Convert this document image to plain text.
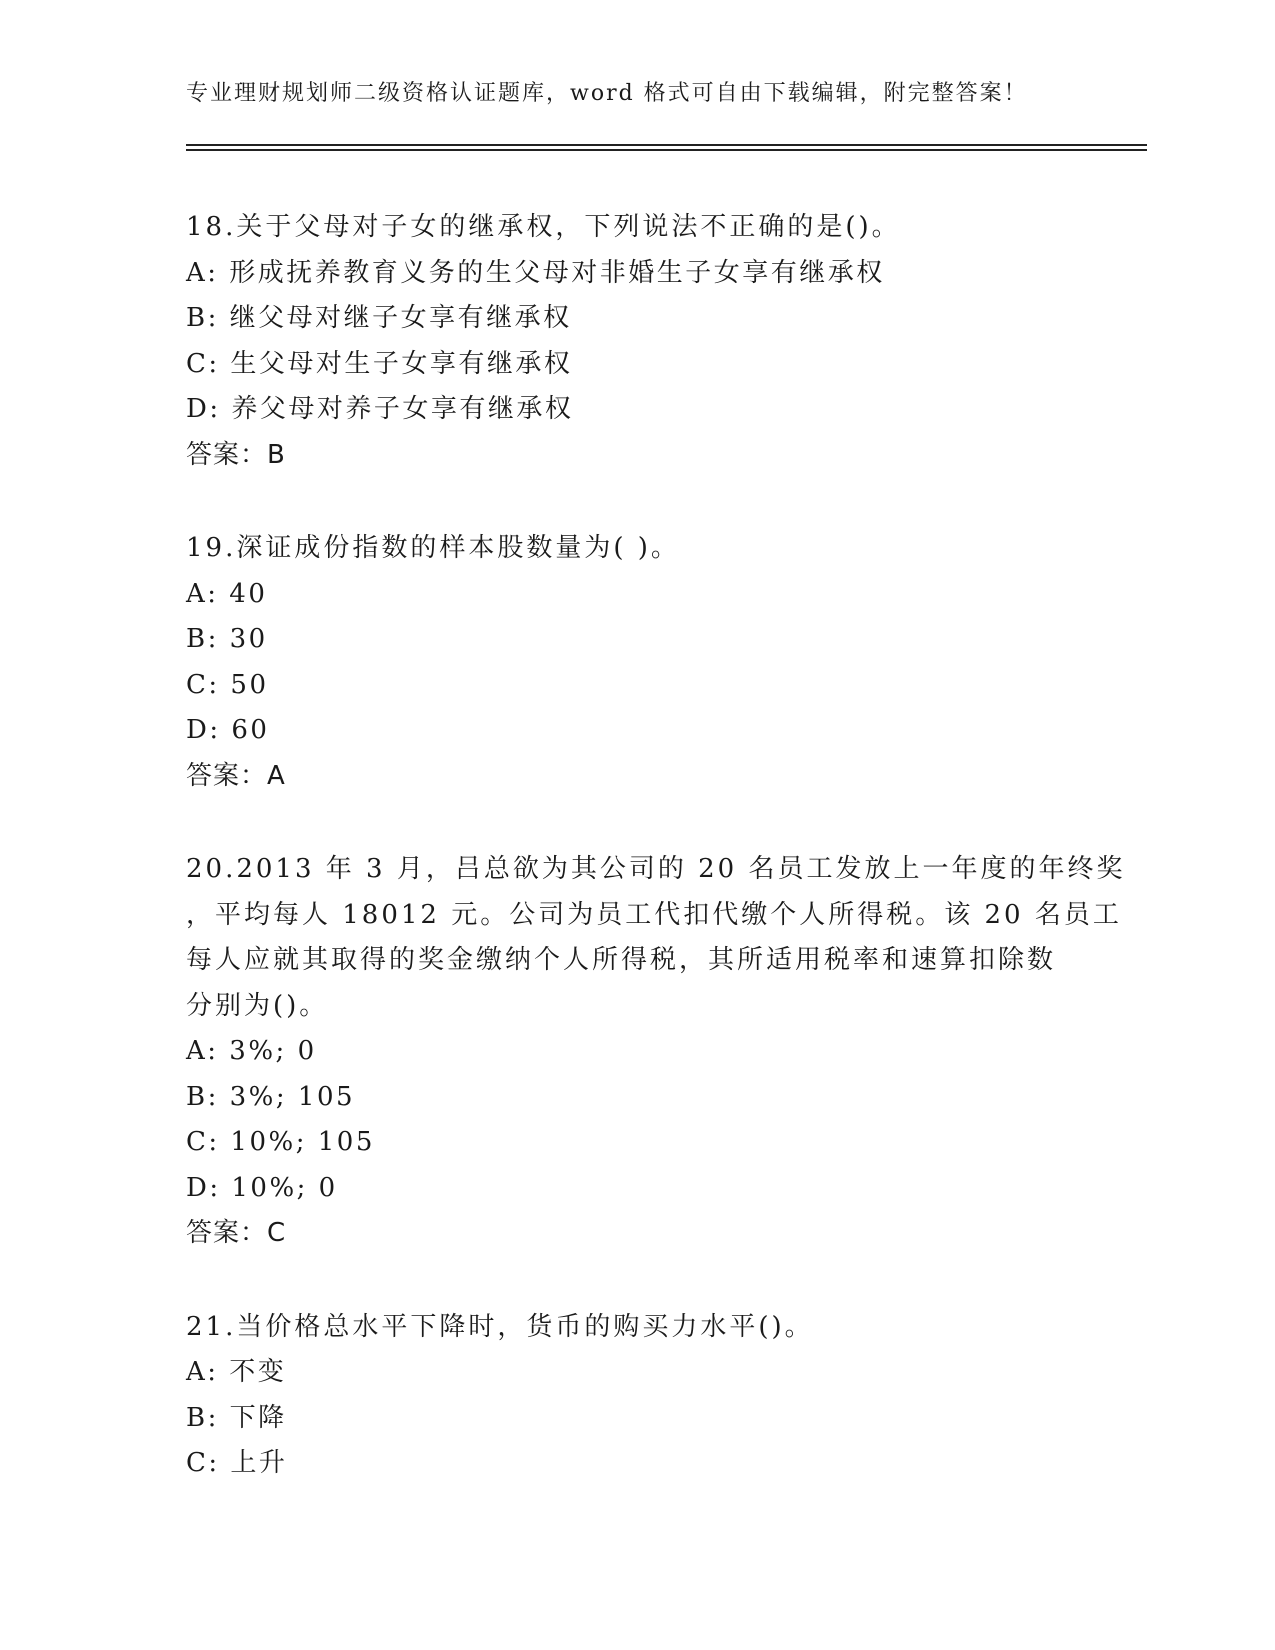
专业理财规划师二级资格认证题库，word 格式可自由下载编辑，附完整答案！
18.关于父母对子女的继承权，下列说法不正确的是()。
A: 形成抚养教育义务的生父母对非婚生子女享有继承权
B: 继父母对继子女享有继承权
C: 生父母对生子女享有继承权
D: 养父母对养子女享有继承权
答案：B
19.深证成份指数的样本股数量为( )。
A: 40
B: 30
C: 50
D: 60
答案：A
20.2013 年 3 月，吕总欲为其公司的 20 名员工发放上一年度的年终奖
，平均每人 18012 元。公司为员工代扣代缴个人所得税。该 20 名员工
每人应就其取得的奖金缴纳个人所得税，其所适用税率和速算扣除数
分别为()。
A: 3%; 0
B: 3%; 105
C: 10%; 105
D: 10%; 0
答案：C
21.当价格总水平下降时，货币的购买力水平()。
A: 不变
B: 下降
C: 上升
